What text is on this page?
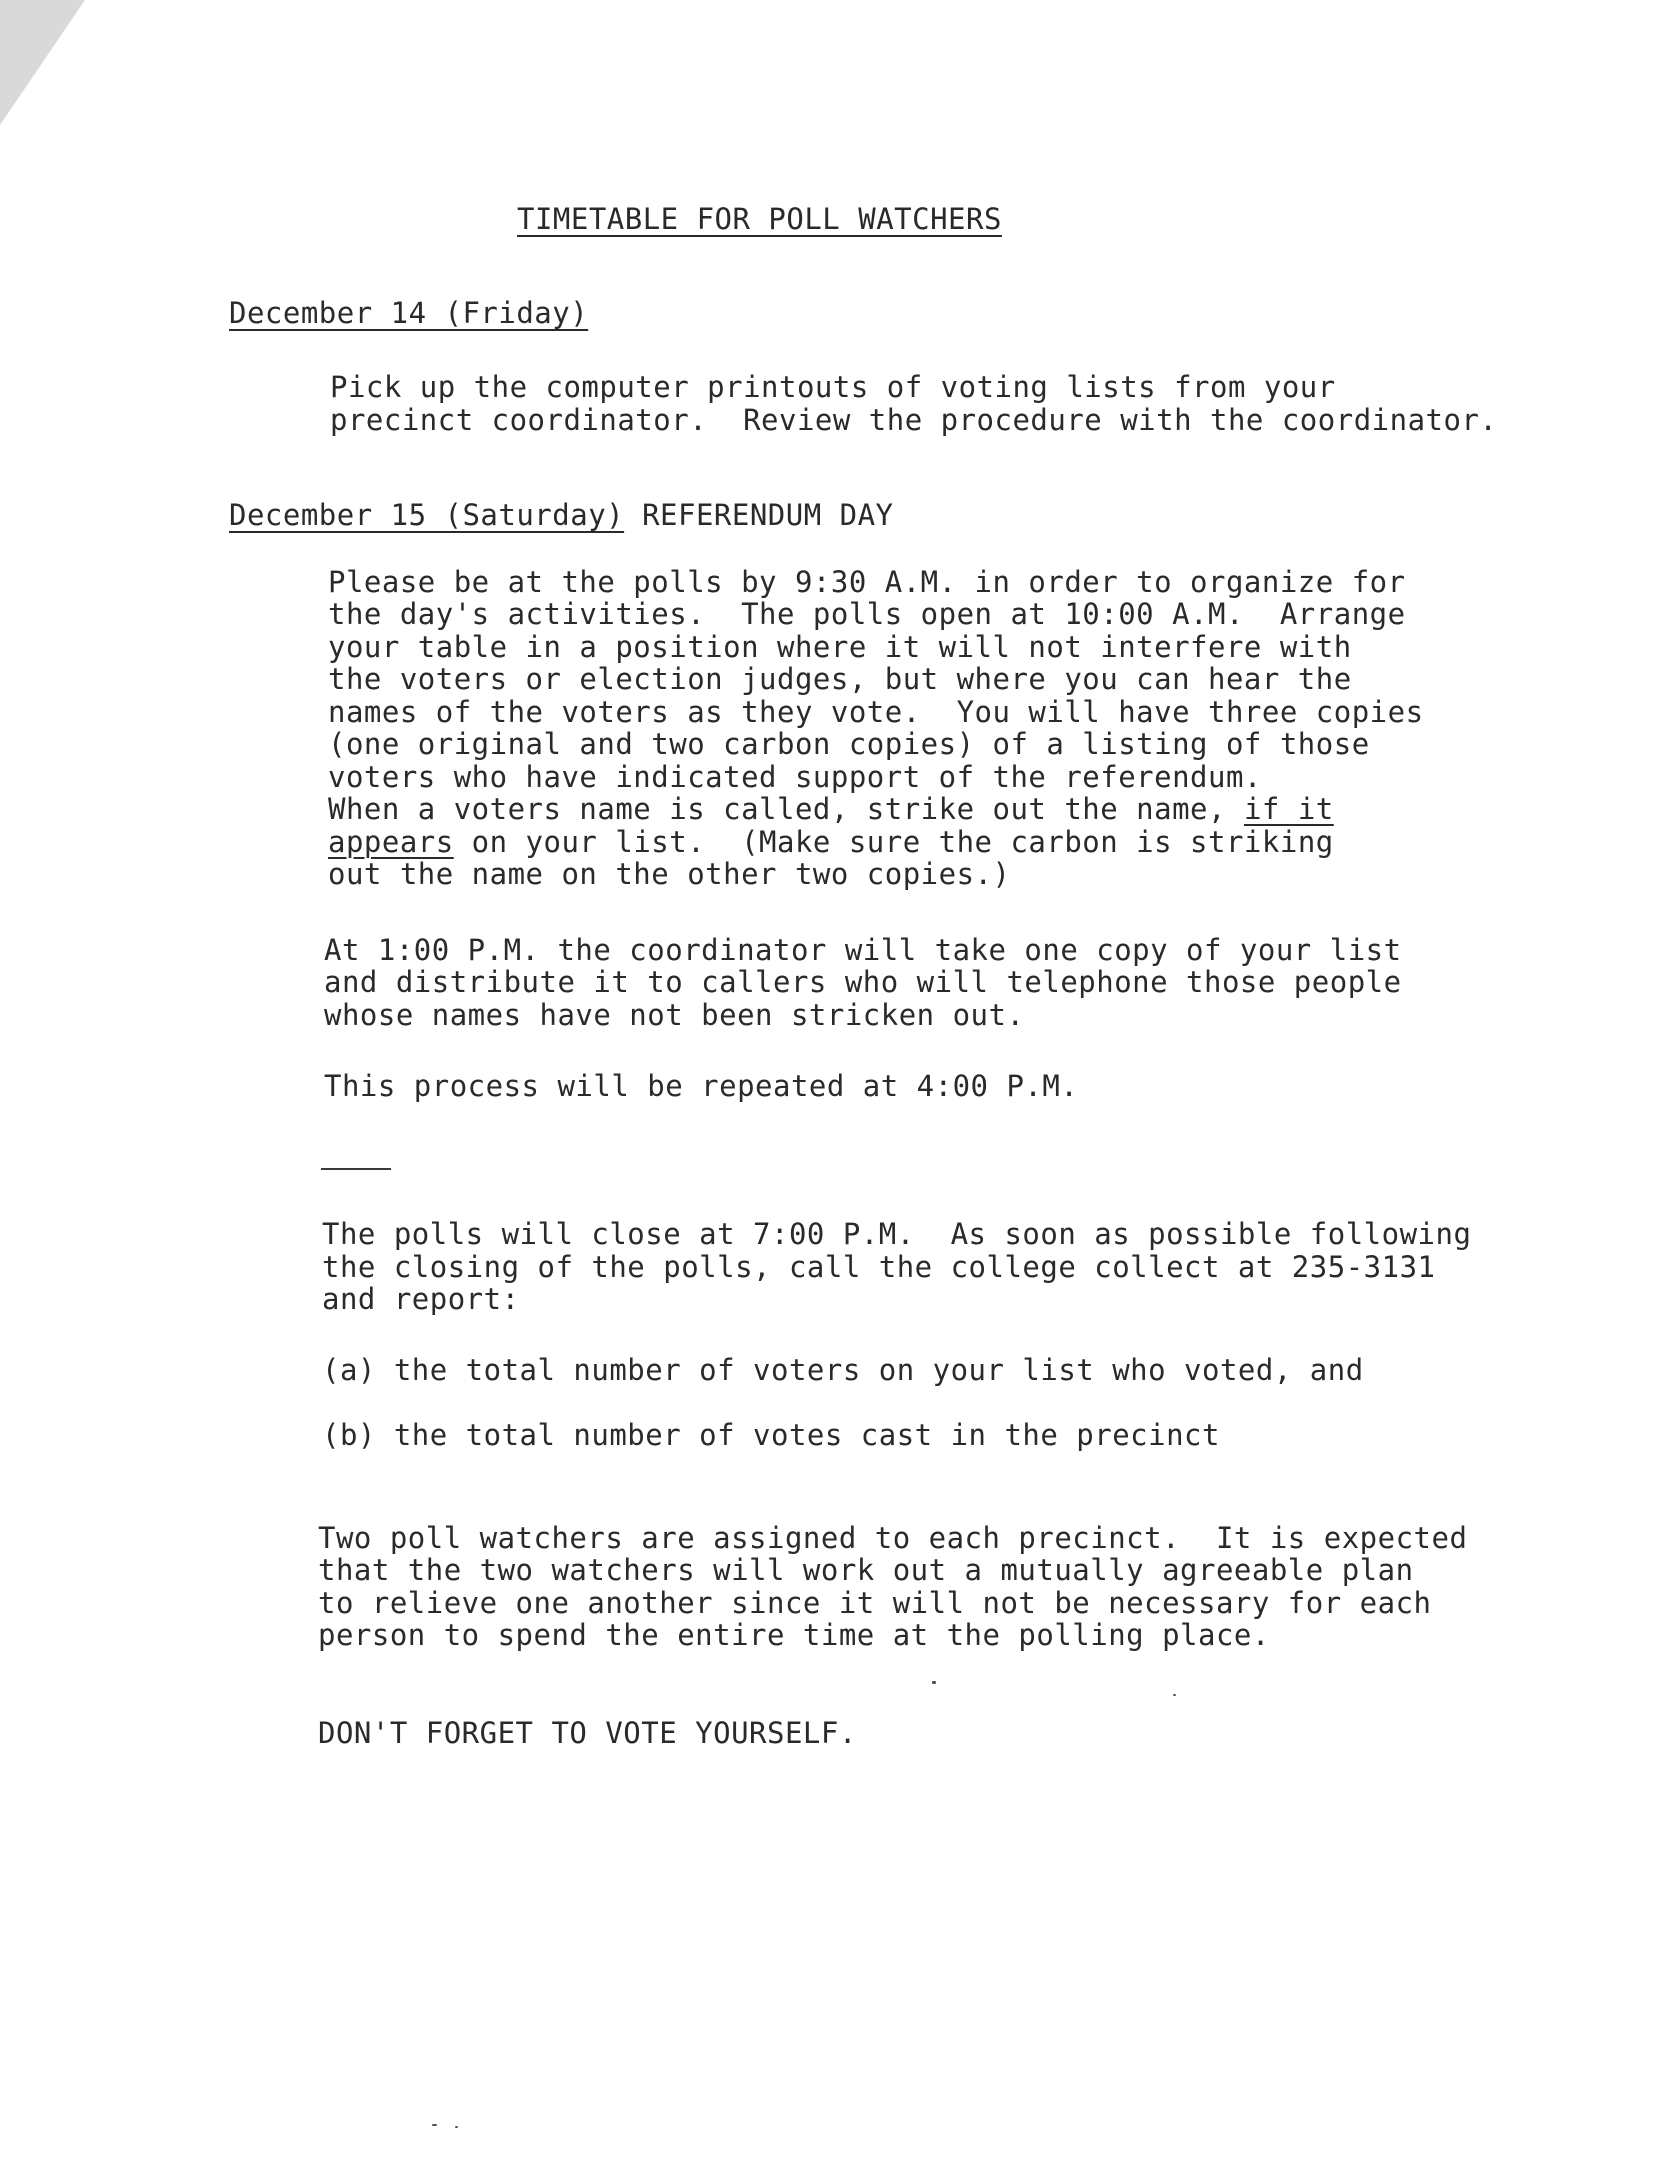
TIMETABLE FOR POLL WATCHERS
December 14 (Friday)
Pick up the computer printouts of voting lists from your
precinct coordinator.  Review the procedure with the coordinator.
December 15 (Saturday) REFERENDUM DAY
Please be at the polls by 9:30 A.M. in order to organize for
the day's activities.  The polls open at 10:00 A.M.  Arrange
your table in a position where it will not interfere with
the voters or election judges, but where you can hear the
names of the voters as they vote.  You will have three copies
(one original and two carbon copies) of a listing of those
voters who have indicated support of the referendum.
When a voters name is called, strike out the name, if it
appears on your list.  (Make sure the carbon is striking
out the name on the other two copies.)
At 1:00 P.M. the coordinator will take one copy of your list
and distribute it to callers who will telephone those people
whose names have not been stricken out.
This process will be repeated at 4:00 P.M.
The polls will close at 7:00 P.M.  As soon as possible following
the closing of the polls, call the college collect at 235-3131
and report:
(a) the total number of voters on your list who voted, and
(b) the total number of votes cast in the precinct
Two poll watchers are assigned to each precinct.  It is expected
that the two watchers will work out a mutually agreeable plan
to relieve one another since it will not be necessary for each
person to spend the entire time at the polling place.
DON'T FORGET TO VOTE YOURSELF.
